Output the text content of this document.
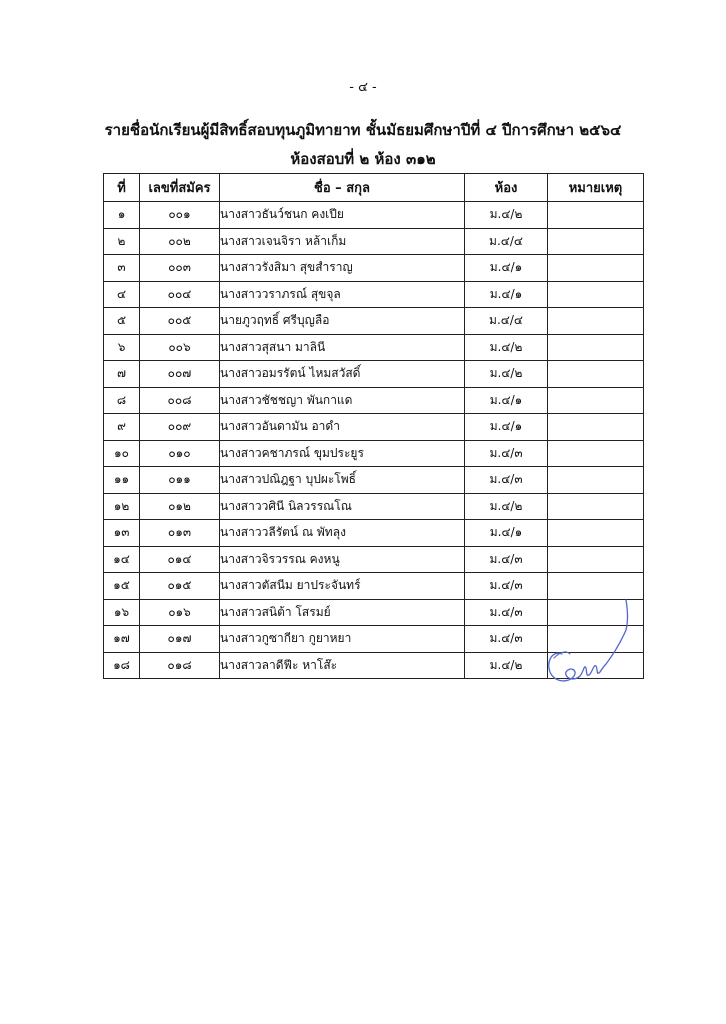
- ๔ -
รายชื่อนักเรียนผู้มีสิทธิ์สอบทุนภูมิทายาท ชั้นมัธยมศึกษาปีที่ ๔ ปีการศึกษา ๒๕๖๔
ห้องสอบที่ ๒ ห้อง ๓๑๒
ที่	เลขที่สมัคร	ชื่อ – สกุล	ห้อง	หมายเหตุ
๑	๐๐๑	นางสาวธันว์ชนก คงเปีย	ม.๔/๒	
๒	๐๐๒	นางสาวเจนจิรา หล้าเก็ม	ม.๔/๔	
๓	๐๐๓	นางสาวรังสิมา สุขสำราญ	ม.๔/๑	
๔	๐๐๔	นางสาววราภรณ์ สุขจุล	ม.๔/๑	
๕	๐๐๕	นายภูวฤทธิ์ ศรีบุญลือ	ม.๔/๔	
๖	๐๐๖	นางสาวสุสนา มาลินี	ม.๔/๒	
๗	๐๐๗	นางสาวอมรรัตน์ ไหมสวัสดิ์	ม.๔/๒	
๘	๐๐๘	นางสาวชัชชญา พันกาแด	ม.๔/๑	
๙	๐๐๙	นางสาวอันดามัน อาดำ	ม.๔/๑	
๑๐	๐๑๐	นางสาวคชาภรณ์ ขุมประยูร	ม.๔/๓	
๑๑	๐๑๑	นางสาวปณิฎฐา บุปผะโพธิ์	ม.๔/๓	
๑๒	๐๑๒	นางสาววศินี นิลวรรณโณ	ม.๔/๒	
๑๓	๐๑๓	นางสาววลีรัตน์ ณ พัทลุง	ม.๔/๑	
๑๔	๐๑๔	นางสาวจิรวรรณ คงหนู	ม.๔/๓	
๑๕	๐๑๕	นางสาวตัสนีม ยาประจันทร์	ม.๔/๓	
๑๖	๐๑๖	นางสาวสนิต้า โสรมย์	ม.๔/๓	
๑๗	๐๑๗	นางสาวกูซากียา กูยาหยา	ม.๔/๓	
๑๘	๐๑๘	นางสาวลาดีฟีะ หาโส๊ะ	ม.๔/๒	
